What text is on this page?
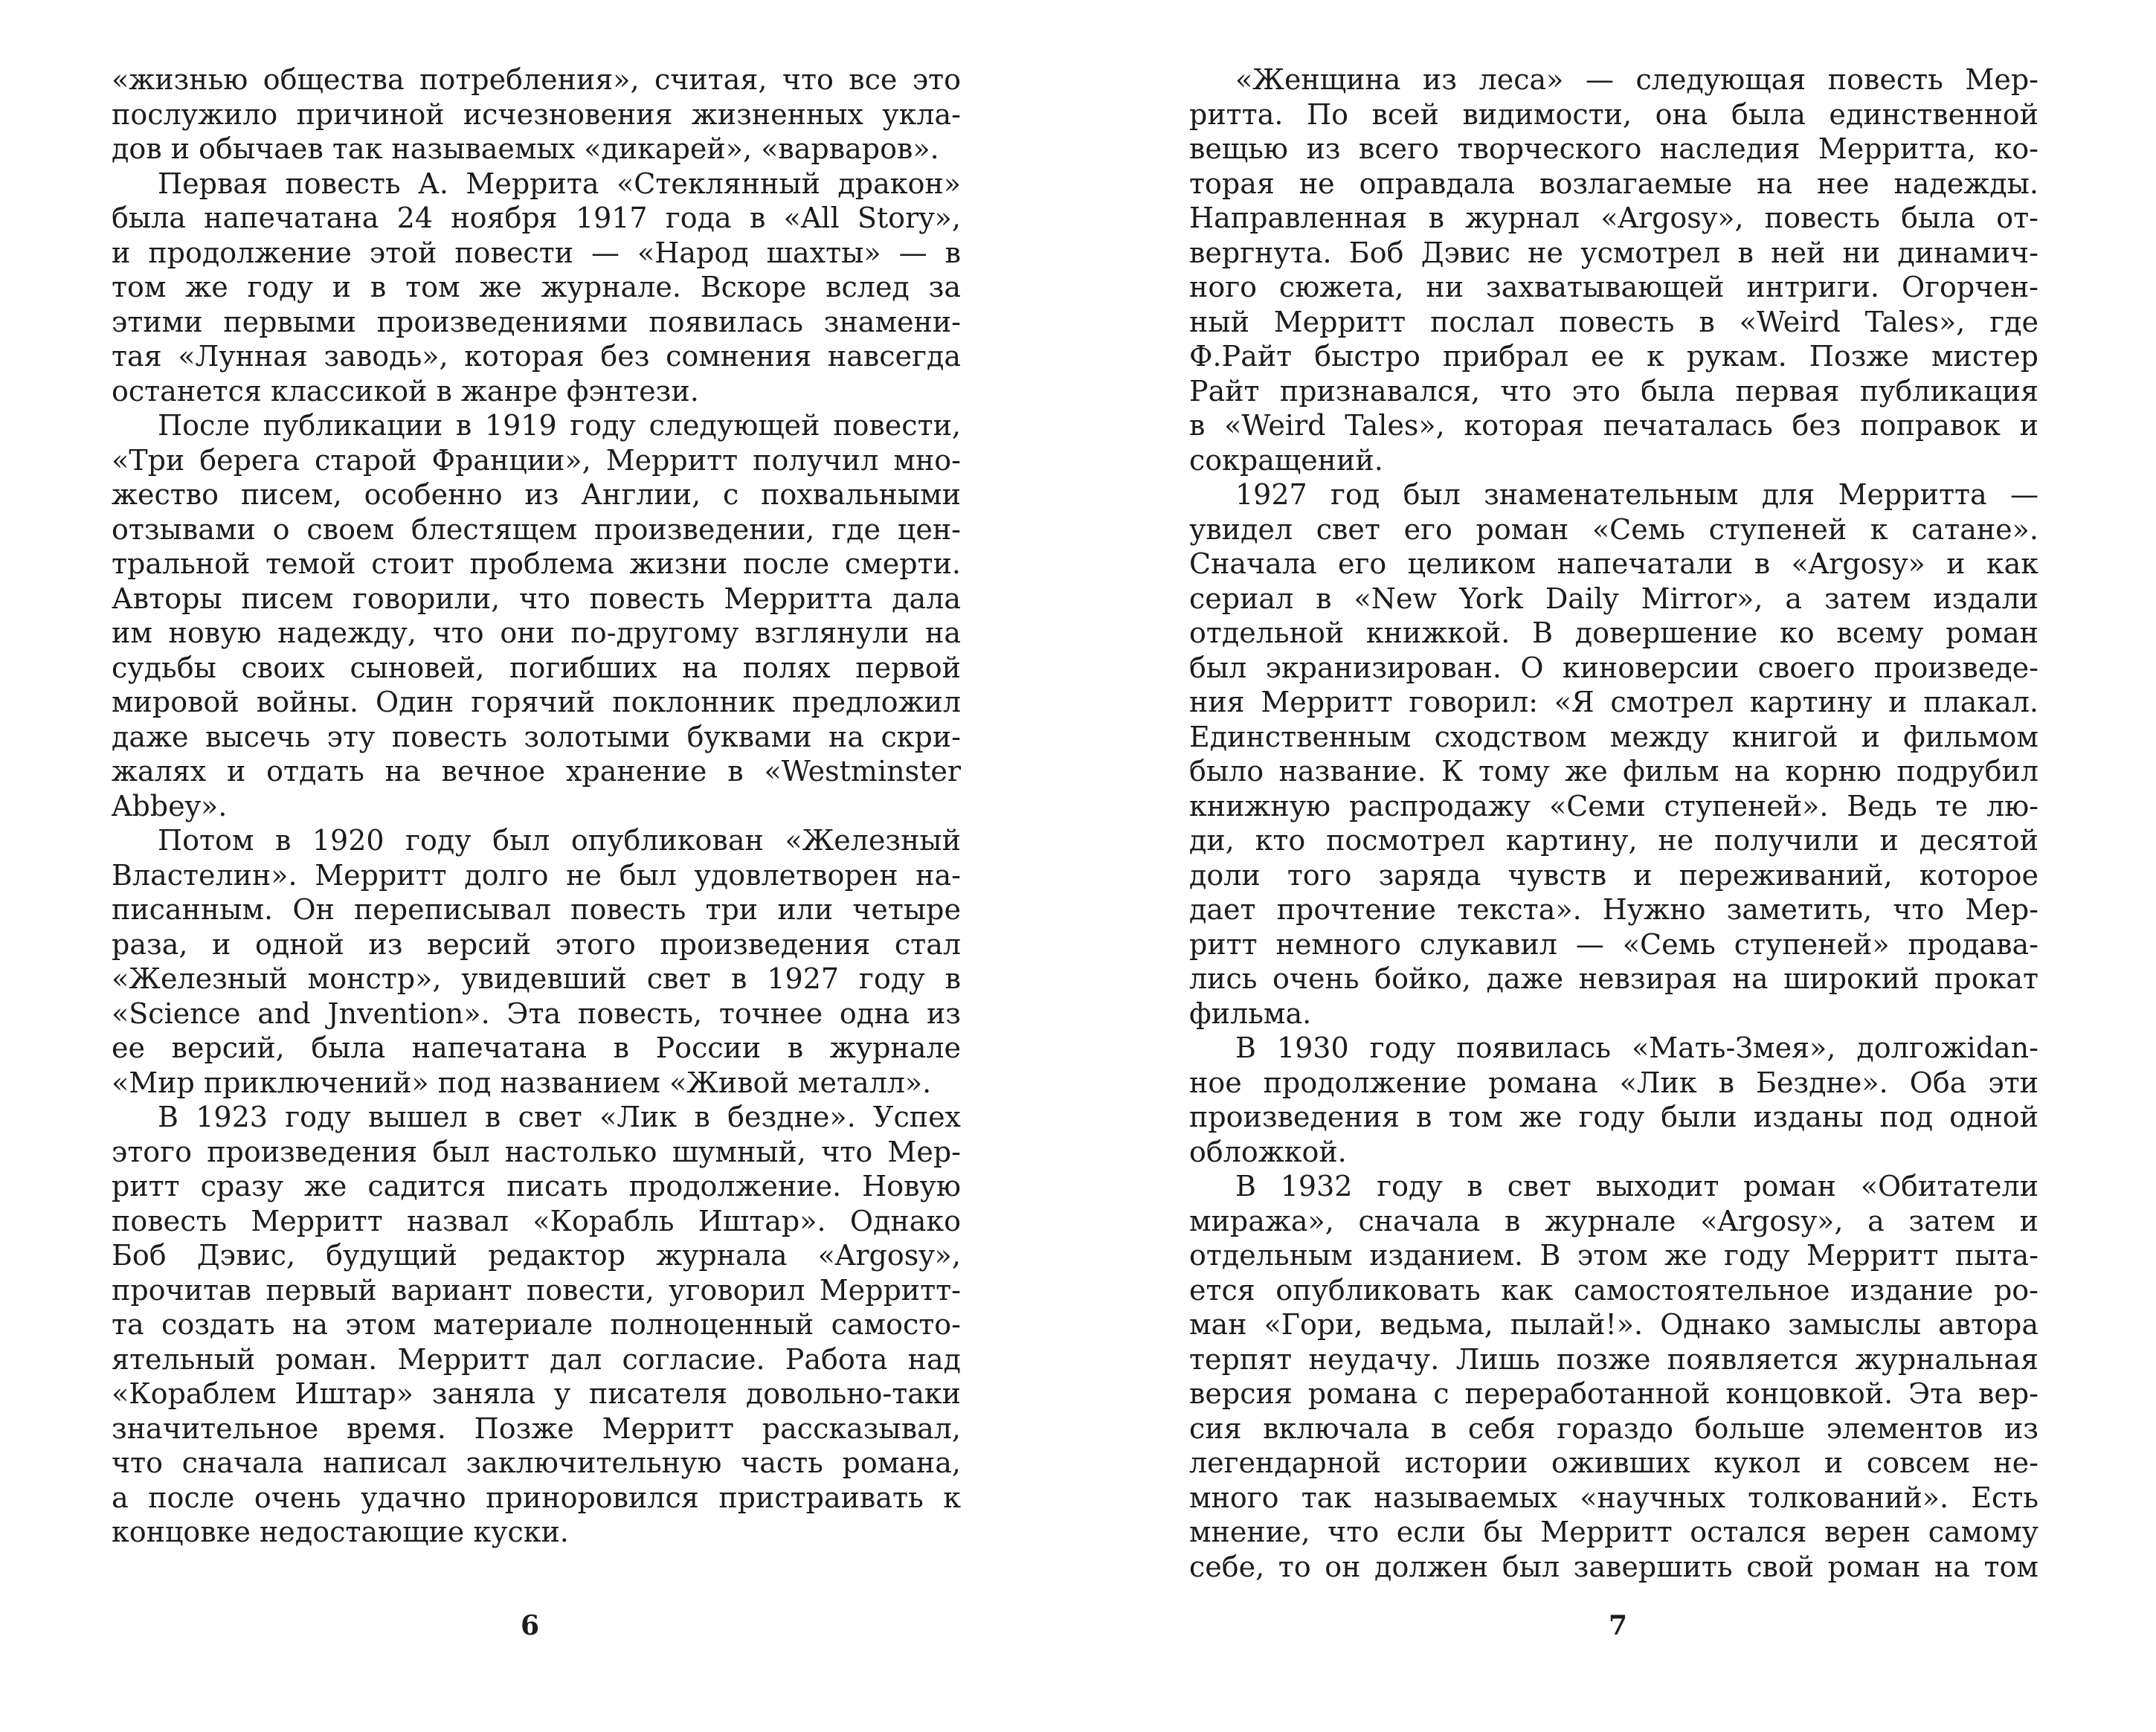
«жизнью общества потребления», считая, что все это
послужило причиной исчезновения жизненных укла-
дов и обычаев так называемых «дикарей», «варваров».
Первая повесть А. Меррита «Стеклянный дракон»
была напечатана 24 ноября 1917 года в «All Story»,
и продолжение этой повести — «Народ шахты» — в
том же году и в том же журнале. Вскоре вслед за
этими первыми произведениями появилась знамени-
тая «Лунная заводь», которая без сомнения навсегда
останется классикой в жанре фэнтези.
После публикации в 1919 году следующей повести,
«Три берега старой Франции», Мерритт получил мно-
жество писем, особенно из Англии, с похвальными
отзывами о своем блестящем произведении, где цен-
тральной темой стоит проблема жизни после смерти.
Авторы писем говорили, что повесть Мерритта дала
им новую надежду, что они по-другому взглянули на
судьбы своих сыновей, погибших на полях первой
мировой войны. Один горячий поклонник предложил
даже высечь эту повесть золотыми буквами на скри-
жалях и отдать на вечное хранение в «Westminster
Abbey».
Потом в 1920 году был опубликован «Железный
Властелин». Мерритт долго не был удовлетворен на-
писанным. Он переписывал повесть три или четыре
раза, и одной из версий этого произведения стал
«Железный монстр», увидевший свет в 1927 году в
«Science and Jnvention». Эта повесть, точнее одна из
ее версий, была напечатана в России в журнале
«Мир приключений» под названием «Живой металл».
В 1923 году вышел в свет «Лик в бездне». Успех
этого произведения был настолько шумный, что Мер-
ритт сразу же садится писать продолжение. Новую
повесть Мерритт назвал «Корабль Иштар». Однако
Боб Дэвис, будущий редактор журнала «Argosy»,
прочитав первый вариант повести, уговорил Мерритт-
та создать на этом материале полноценный самосто-
ятельный роман. Мерритт дал согласие. Работа над
«Кораблем Иштар» заняла у писателя довольно-таки
значительное время. Позже Мерритт рассказывал,
что сначала написал заключительную часть романа,
а после очень удачно приноровился пристраивать к
концовке недостающие куски.
6
«Женщина из леса» — следующая повесть Мер-
ритта. По всей видимости, она была единственной
вещью из всего творческого наследия Мерритта, ко-
торая не оправдала возлагаемые на нее надежды.
Направленная в журнал «Argosy», повесть была от-
вергнута. Боб Дэвис не усмотрел в ней ни динамич-
ного сюжета, ни захватывающей интриги. Огорчен-
ный Мерритт послал повесть в «Weird Tales», где
Ф.Райт быстро прибрал ее к рукам. Позже мистер
Райт признавался, что это была первая публикация
в «Weird Tales», которая печаталась без поправок и
сокращений.
1927 год был знаменательным для Мерритта —
увидел свет его роман «Семь ступеней к сатане».
Сначала его целиком напечатали в «Argosy» и как
сериал в «New York Daily Mirror», а затем издали
отдельной книжкой. В довершение ко всему роман
был экранизирован. О киноверсии своего произведе-
ния Мерритт говорил: «Я смотрел картину и плакал.
Единственным сходством между книгой и фильмом
было название. К тому же фильм на корню подрубил
книжную распродажу «Семи ступеней». Ведь те лю-
ди, кто посмотрел картину, не получили и десятой
доли того заряда чувств и переживаний, которое
дает прочтение текста». Нужно заметить, что Мер-
ритт немного слукавил — «Семь ступеней» продава-
лись очень бойко, даже невзирая на широкий прокат
фильма.
В 1930 году появилась «Мать-Змея», долгожidan-
ное продолжение романа «Лик в Бездне». Оба эти
произведения в том же году были изданы под одной
обложкой.
В 1932 году в свет выходит роман «Обитатели
миража», сначала в журнале «Argosy», а затем и
отдельным изданием. В этом же году Мерритт пыта-
ется опубликовать как самостоятельное издание ро-
ман «Гори, ведьма, пылай!». Однако замыслы автора
терпят неудачу. Лишь позже появляется журнальная
версия романа с переработанной концовкой. Эта вер-
сия включала в себя гораздо больше элементов из
легендарной истории оживших кукол и совсем не-
много так называемых «научных толкований». Есть
мнение, что если бы Мерритт остался верен самому
себе, то он должен был завершить свой роман на том
7
